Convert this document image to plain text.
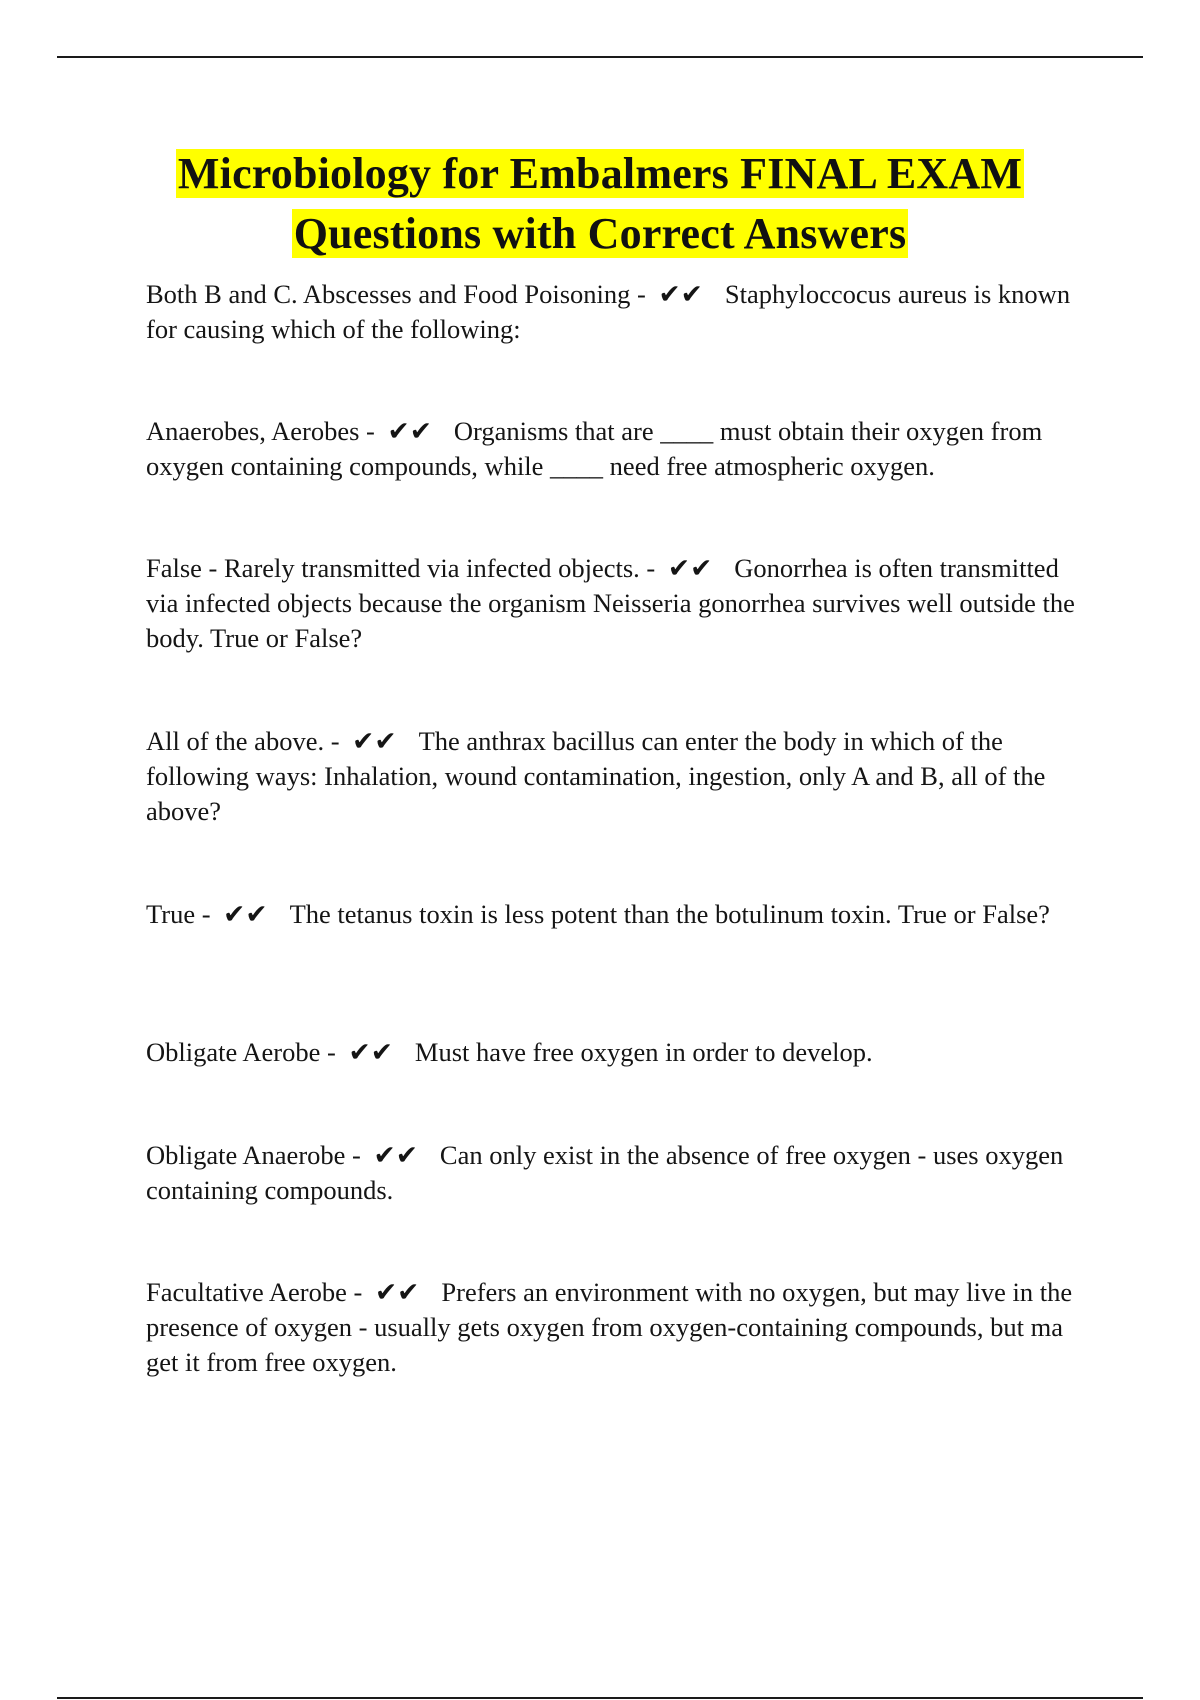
Microbiology for Embalmers FINAL EXAM
Questions with Correct Answers

Both B and C. Abscesses and Food Poisoning - ✔✔ Staphyloccocus aureus is known for causing which of the following:

Anaerobes, Aerobes - ✔✔ Organisms that are ____ must obtain their oxygen from oxygen containing compounds, while ____ need free atmospheric oxygen.

False - Rarely transmitted via infected objects. - ✔✔ Gonorrhea is often transmitted via infected objects because the organism Neisseria gonorrhea survives well outside the body. True or False?

All of the above. - ✔✔ The anthrax bacillus can enter the body in which of the following ways: Inhalation, wound contamination, ingestion, only A and B, all of the above?

True - ✔✔ The tetanus toxin is less potent than the botulinum toxin. True or False?

Obligate Aerobe - ✔✔ Must have free oxygen in order to develop.

Obligate Anaerobe - ✔✔ Can only exist in the absence of free oxygen - uses oxygen containing compounds.

Facultative Aerobe - ✔✔ Prefers an environment with no oxygen, but may live in the presence of oxygen - usually gets oxygen from oxygen-containing compounds, but ma get it from free oxygen.
